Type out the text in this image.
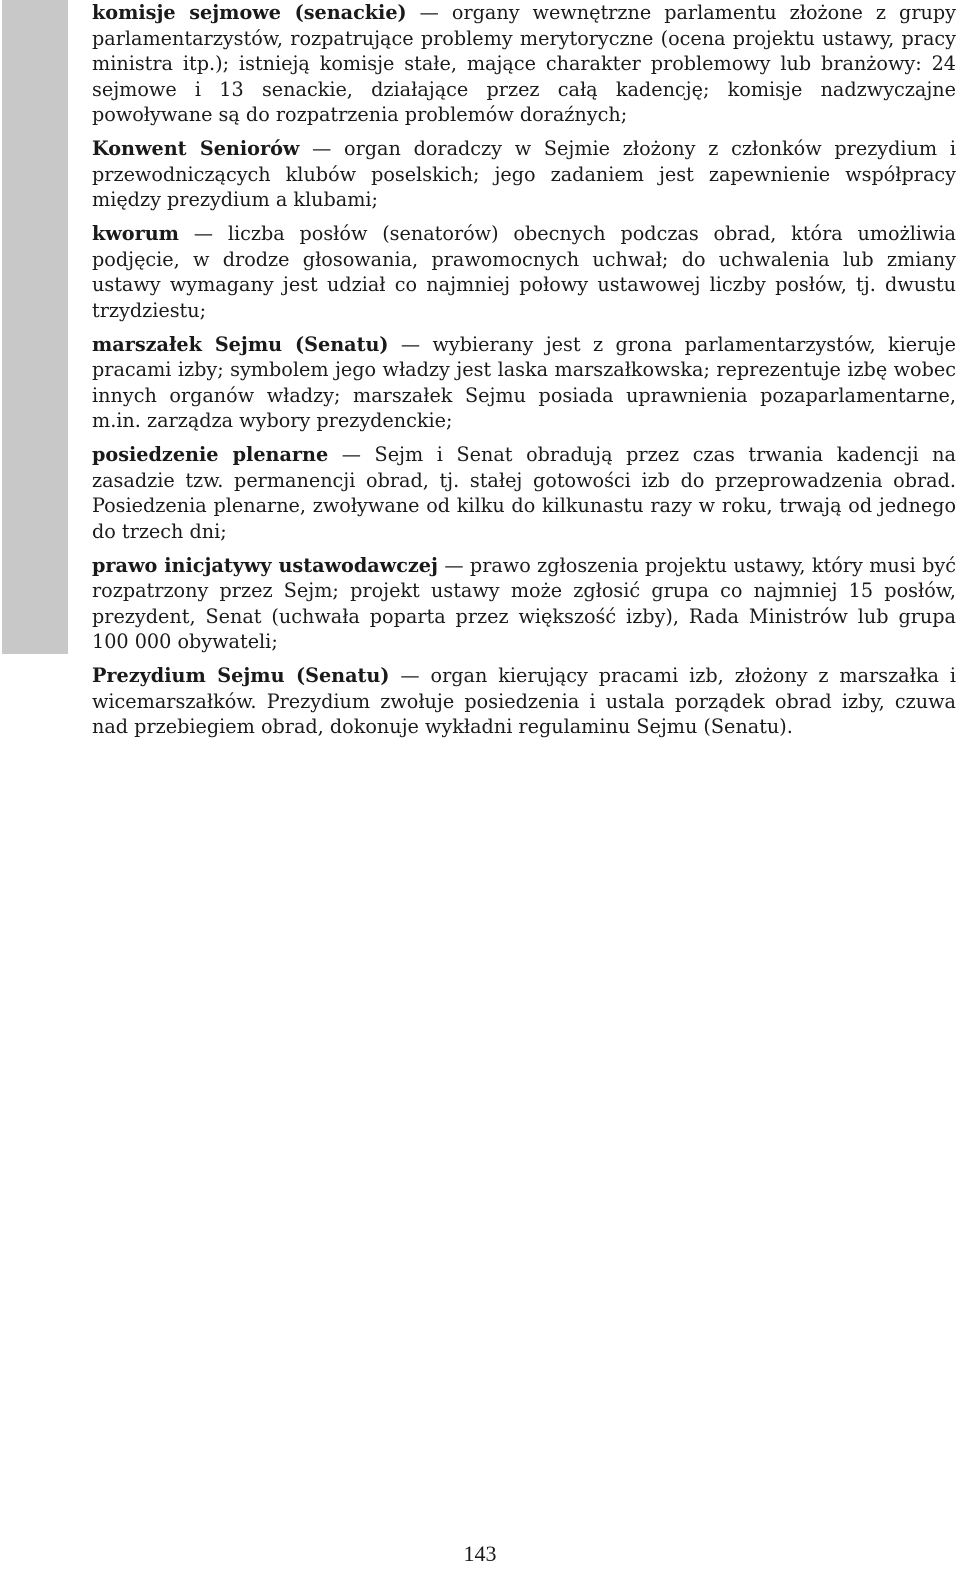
komisje sejmowe (senackie) — organy wewnętrzne parlamentu złożone z grupy parlamentarzystów, rozpatrujące problemy merytoryczne (ocena projektu ustawy, pracy ministra itp.); istnieją komisje stałe, mające charakter problemowy lub branżowy: 24 sejmowe i 13 senackie, działające przez całą kadencję; komisje nadzwyczajne powoływane są do rozpatrzenia problemów doraźnych;

Konwent Seniorów — organ doradczy w Sejmie złożony z członków prezydium i przewodniczących klubów poselskich; jego zadaniem jest zapewnienie współpracy między prezydium a klubami;

kworum — liczba posłów (senatorów) obecnych podczas obrad, która umożliwia podjęcie, w drodze głosowania, prawomocnych uchwał; do uchwalenia lub zmiany ustawy wymagany jest udział co najmniej połowy ustawowej liczby posłów, tj. dwustu trzydziestu;

marszałek Sejmu (Senatu) — wybierany jest z grona parlamentarzystów, kieruje pracami izby; symbolem jego władzy jest laska marszałkowska; reprezentuje izbę wobec innych organów władzy; marszałek Sejmu posiada uprawnienia pozaparlamentarne, m.in. zarządza wybory prezydenckie;

posiedzenie plenarne — Sejm i Senat obradują przez czas trwania kadencji na zasadzie tzw. permanencji obrad, tj. stałej gotowości izb do przeprowadzenia obrad. Posiedzenia plenarne, zwoływane od kilku do kilkunastu razy w roku, trwają od jednego do trzech dni;

prawo inicjatywy ustawodawczej — prawo zgłoszenia projektu ustawy, który musi być rozpatrzony przez Sejm; projekt ustawy może zgłosić grupa co najmniej 15 posłów, prezydent, Senat (uchwała poparta przez większość izby), Rada Ministrów lub grupa 100 000 obywateli;

Prezydium Sejmu (Senatu) — organ kierujący pracami izb, złożony z marszałka i wicemarszałków. Prezydium zwołuje posiedzenia i ustala porządek obrad izby, czuwa nad przebiegiem obrad, dokonuje wykładni regulaminu Sejmu (Senatu).

143
